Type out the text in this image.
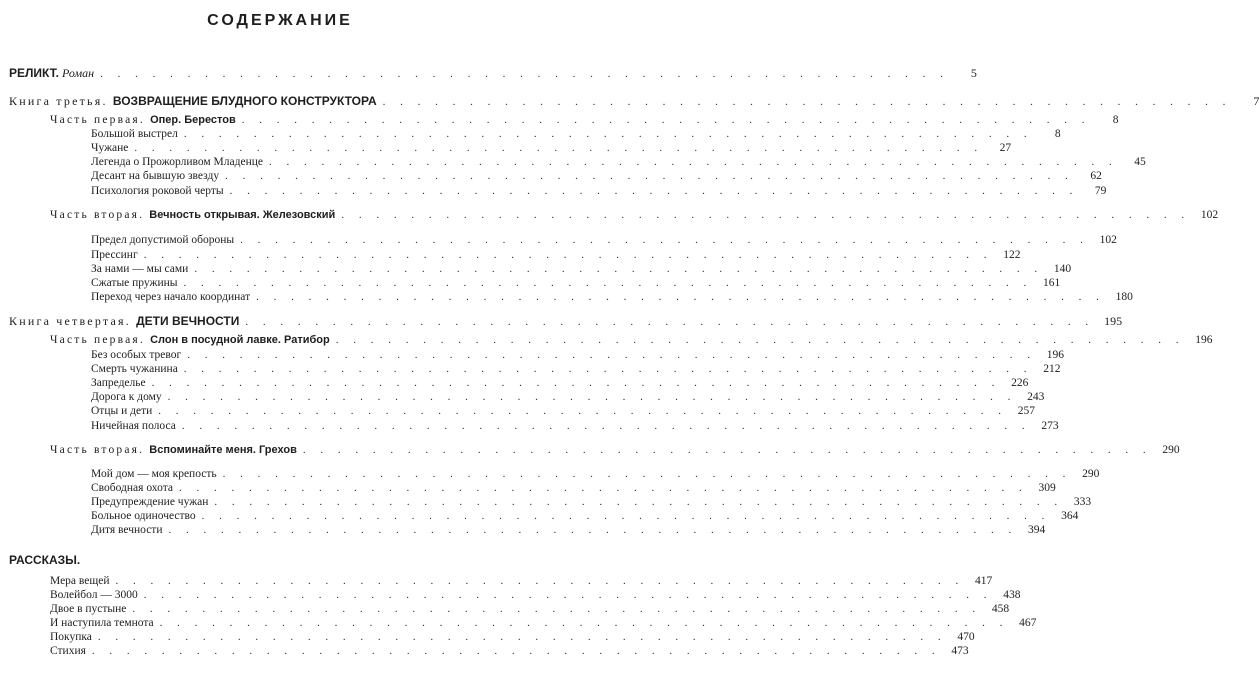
СОДЕРЖАНИЕ
РЕЛИКТ. Роман . . . . . . . . . . . . . . . . . . . . . . . . . . . . . . . . . . . . . . . . . . . . . . . . .	5
Книга третья. ВОЗВРАЩЕНИЕ БЛУДНОГО КОНСТРУКТОРА . . . . . . . . . . . . . . . . . . . . . . . . . . . . . . . . . . . . . . . . . . . . . . . . .	7
Часть первая. Опер. Берестов . . . . . . . . . . . . . . . . . . . . . . . . . . . . . . . . . . . . . . . . . . . . . . . . .	8
Большой выстрел . . . . . . . . . . . . . . . . . . . . . . . . . . . . . . . . . . . . . . . . . . . . . . . . .	8
Чужане . . . . . . . . . . . . . . . . . . . . . . . . . . . . . . . . . . . . . . . . . . . . . . . . .	27
Легенда о Прожорливом Младенце . . . . . . . . . . . . . . . . . . . . . . . . . . . . . . . . . . . . . . . . . . . . . . . . .	45
Десант на бывшую звезду . . . . . . . . . . . . . . . . . . . . . . . . . . . . . . . . . . . . . . . . . . . . . . . . .	62
Психология роковой черты . . . . . . . . . . . . . . . . . . . . . . . . . . . . . . . . . . . . . . . . . . . . . . . . .	79
Часть вторая. Вечность открывая. Железовский . . . . . . . . . . . . . . . . . . . . . . . . . . . . . . . . . . . . . . . . . . . . . . . . . 102
Предел допустимой обороны . . . . . . . . . . . . . . . . . . . . . . . . . . . . . . . . . . . . . . . . . . . . . . . . . 102
Прессинг . . . . . . . . . . . . . . . . . . . . . . . . . . . . . . . . . . . . . . . . . . . . . . . . . 122
За нами — мы сами . . . . . . . . . . . . . . . . . . . . . . . . . . . . . . . . . . . . . . . . . . . . . . . . . 140
Сжатые пружины . . . . . . . . . . . . . . . . . . . . . . . . . . . . . . . . . . . . . . . . . . . . . . . . . 161
Переход через начало координат . . . . . . . . . . . . . . . . . . . . . . . . . . . . . . . . . . . . . . . . . . . . . . . . . 180
Книга четвертая. ДЕТИ ВЕЧНОСТИ . . . . . . . . . . . . . . . . . . . . . . . . . . . . . . . . . . . . . . . . . . . . . . . . . 195
Часть первая. Слон в посудной лавке. Ратибор . . . . . . . . . . . . . . . . . . . . . . . . . . . . . . . . . . . . . . . . . . . . . . . . . 196
Без особых тревог . . . . . . . . . . . . . . . . . . . . . . . . . . . . . . . . . . . . . . . . . . . . . . . . . 196
Смерть чужанина . . . . . . . . . . . . . . . . . . . . . . . . . . . . . . . . . . . . . . . . . . . . . . . . . 212
Запределье . . . . . . . . . . . . . . . . . . . . . . . . . . . . . . . . . . . . . . . . . . . . . . . . . 226
Дорога к дому . . . . . . . . . . . . . . . . . . . . . . . . . . . . . . . . . . . . . . . . . . . . . . . . . 243
Отцы и дети . . . . . . . . . . . . . . . . . . . . . . . . . . . . . . . . . . . . . . . . . . . . . . . . . 257
Ничейная полоса . . . . . . . . . . . . . . . . . . . . . . . . . . . . . . . . . . . . . . . . . . . . . . . . . 273
Часть вторая. Вспоминайте меня. Грехов . . . . . . . . . . . . . . . . . . . . . . . . . . . . . . . . . . . . . . . . . . . . . . . . . 290
Мой дом — моя крепость . . . . . . . . . . . . . . . . . . . . . . . . . . . . . . . . . . . . . . . . . . . . . . . . . 290
Свободная охота . . . . . . . . . . . . . . . . . . . . . . . . . . . . . . . . . . . . . . . . . . . . . . . . . 309
Предупреждение чужан . . . . . . . . . . . . . . . . . . . . . . . . . . . . . . . . . . . . . . . . . . . . . . . . . 333
Больное одиночество . . . . . . . . . . . . . . . . . . . . . . . . . . . . . . . . . . . . . . . . . . . . . . . . . 364
Дитя вечности . . . . . . . . . . . . . . . . . . . . . . . . . . . . . . . . . . . . . . . . . . . . . . . . . 394
РАССКАЗЫ.
Мера вещей . . . . . . . . . . . . . . . . . . . . . . . . . . . . . . . . . . . . . . . . . . . . . . . . . 417
Волейбол — 3000 . . . . . . . . . . . . . . . . . . . . . . . . . . . . . . . . . . . . . . . . . . . . . . . . . 438
Двое в пустыне . . . . . . . . . . . . . . . . . . . . . . . . . . . . . . . . . . . . . . . . . . . . . . . . . 458
И наступила темнота . . . . . . . . . . . . . . . . . . . . . . . . . . . . . . . . . . . . . . . . . . . . . . . . . 467
Покупка . . . . . . . . . . . . . . . . . . . . . . . . . . . . . . . . . . . . . . . . . . . . . . . . . 470
Стихия . . . . . . . . . . . . . . . . . . . . . . . . . . . . . . . . . . . . . . . . . . . . . . . . . 473
